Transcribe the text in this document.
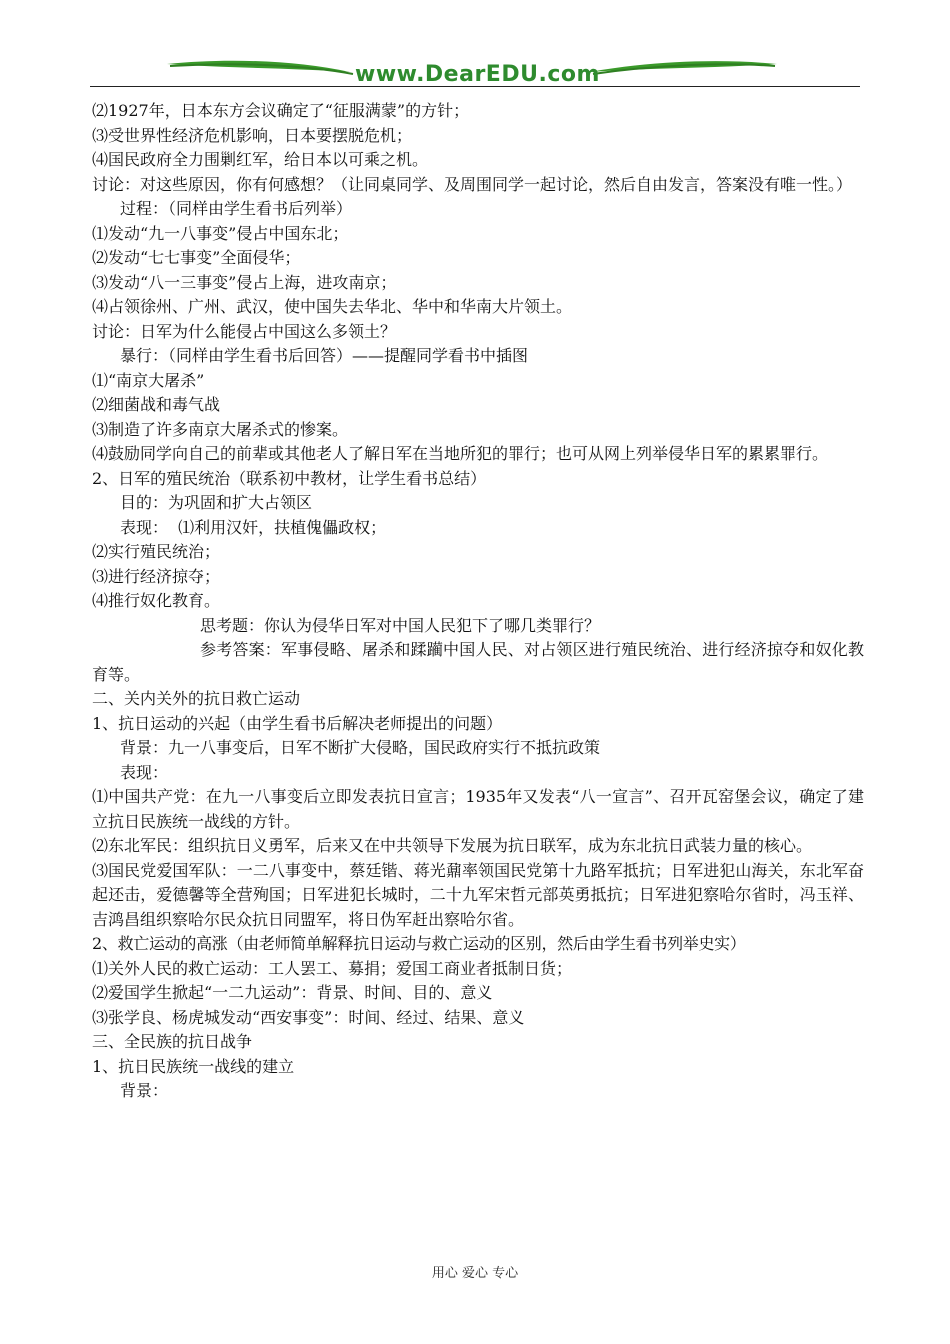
www.DearEDU.com

⑵1927年，日本东方会议确定了“征服满蒙”的方针；

⑶受世界性经济危机影响，日本要摆脱危机；

⑷国民政府全力围剿红军，给日本以可乘之机。

讨论：对这些原因，你有何感想？（让同桌同学、及周围同学一起讨论，然后自由发言，答案没有唯一性。）

过程：（同样由学生看书后列举）

⑴发动“九一八事变”侵占中国东北；

⑵发动“七七事变”全面侵华；

⑶发动“八一三事变”侵占上海，进攻南京；

⑷占领徐州、广州、武汉，使中国失去华北、华中和华南大片领土。

讨论：日军为什么能侵占中国这么多领土？

暴行：（同样由学生看书后回答）——提醒同学看书中插图

⑴“南京大屠杀”

⑵细菌战和毒气战

⑶制造了许多南京大屠杀式的惨案。

⑷鼓励同学向自己的前辈或其他老人了解日军在当地所犯的罪行；也可从网上列举侵华日军的累累罪行。

2、日军的殖民统治（联系初中教材，让学生看书总结）

目的：为巩固和扩大占领区

表现：  ⑴利用汉奸，扶植傀儡政权；

⑵实行殖民统治；

⑶进行经济掠夺；

⑷推行奴化教育。

思考题：你认为侵华日军对中国人民犯下了哪几类罪行？

参考答案：军事侵略、屠杀和蹂躏中国人民、对占领区进行殖民统治、进行经济掠夺和奴化教育等。

二、关内关外的抗日救亡运动

1、抗日运动的兴起（由学生看书后解决老师提出的问题）

背景：九一八事变后，日军不断扩大侵略，国民政府实行不抵抗政策

表现：

⑴中国共产党：在九一八事变后立即发表抗日宣言；1935年又发表“八一宣言”、召开瓦窑堡会议，确定了建立抗日民族统一战线的方针。

⑵东北军民：组织抗日义勇军，后来又在中共领导下发展为抗日联军，成为东北抗日武装力量的核心。

⑶国民党爱国军队：一二八事变中，蔡廷锴、蒋光鼐率领国民党第十九路军抵抗；日军进犯山海关，东北军奋起还击，爱德馨等全营殉国；日军进犯长城时，二十九军宋哲元部英勇抵抗；日军进犯察哈尔省时，冯玉祥、吉鸿昌组织察哈尔民众抗日同盟军，将日伪军赶出察哈尔省。

2、救亡运动的高涨（由老师简单解释抗日运动与救亡运动的区别，然后由学生看书列举史实）

⑴关外人民的救亡运动：工人罢工、募捐；爱国工商业者抵制日货；

⑵爱国学生掀起“一二九运动”：背景、时间、目的、意义

⑶张学良、杨虎城发动“西安事变”：时间、经过、结果、意义

三、全民族的抗日战争

1、抗日民族统一战线的建立

背景：

用心 爱心 专心
